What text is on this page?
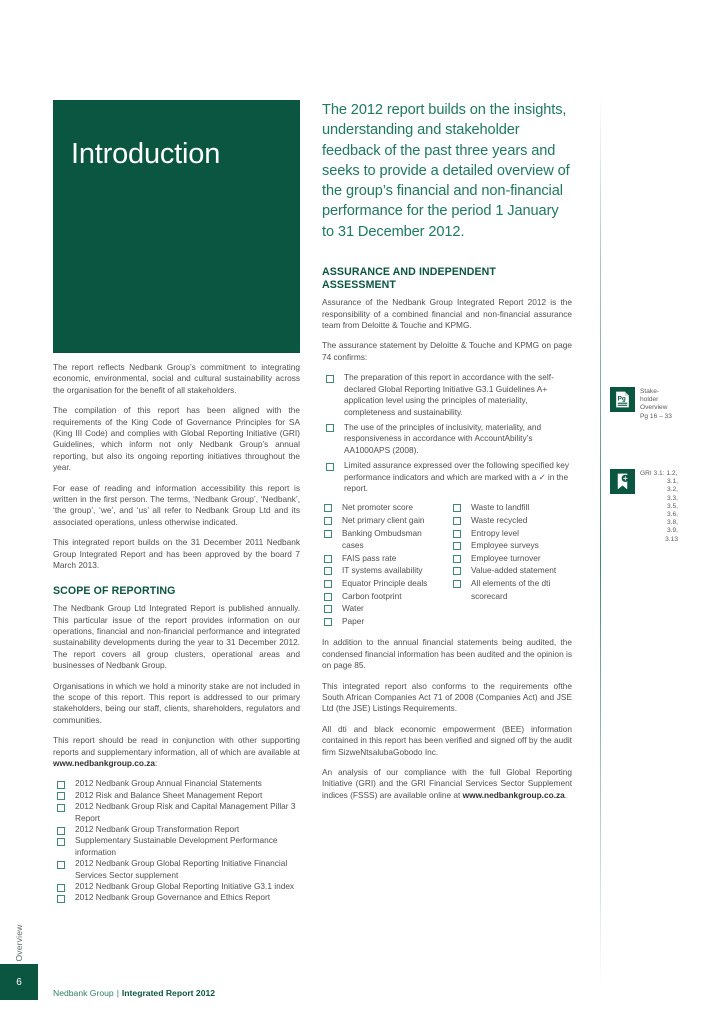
Overview
6
Introduction

The report reflects Nedbank Group’s commitment to integrating economic, environmental, social and cultural sustainability across the organisation for the benefit of all stakeholders.

The compilation of this report has been aligned with the requirements of the King Code of Governance Principles for SA (King III Code) and complies with Global Reporting Initiative (GRI) Guidelines, which inform not only Nedbank Group’s annual reporting, but also its ongoing reporting initiatives throughout the year.

For ease of reading and information accessibility this report is written in the first person. The terms, ‘Nedbank Group’, ‘Nedbank’, ‘the group’, ‘we’, and ‘us’ all refer to Nedbank Group Ltd and its associated operations, unless otherwise indicated.

This integrated report builds on the 31 December 2011 Nedbank Group Integrated Report and has been approved by the board 7 March 2013.

SCOPE OF REPORTING

The Nedbank Group Ltd Integrated Report is published annually. This particular issue of the report provides information on our operations, financial and non-financial performance and integrated sustainability developments during the year to 31 December 2012. The report covers all group clusters, operational areas and businesses of Nedbank Group.

Organisations in which we hold a minority stake are not included in the scope of this report. This report is addressed to our primary stakeholders, being our staff, clients, shareholders, regulators and communities.

This report should be read in conjunction with other supporting reports and supplementary information, all of which are available at www.nedbankgroup.co.za:

2012 Nedbank Group Annual Financial Statements
2012 Risk and Balance Sheet Management Report
2012 Nedbank Group Risk and Capital Management Pillar 3 Report
2012 Nedbank Group Transformation Report
Supplementary Sustainable Development Performance information
2012 Nedbank Group Global Reporting Initiative Financial Services Sector supplement
2012 Nedbank Group Global Reporting Initiative G3.1 index
2012 Nedbank Group Governance and Ethics Report
The 2012 report builds on the insights, understanding and stakeholder feedback of the past three years and seeks to provide a detailed overview of the group’s financial and non-financial performance for the period 1 January to 31 December 2012.
ASSURANCE AND INDEPENDENT ASSESSMENT

Assurance of the Nedbank Group Integrated Report 2012 is the responsibility of a combined financial and non-financial assurance team from Deloitte & Touche and KPMG.

The assurance statement by Deloitte & Touche and KPMG on page 74 confirms:

The preparation of this report in accordance with the self-declared Global Reporting Initiative G3.1 Guidelines A+ application level using the principles of materiality, completeness and sustainability.
The use of the principles of inclusivity, materiality, and responsiveness in accordance with AccountAbility’s AA1000APS (2008).
Limited assurance expressed over the following specified key performance indicators and which are marked with a ✓ in the report.
Net promoter score
Net primary client gain
Banking Ombudsman cases
FAIS pass rate
IT systems availability
Equator Principle deals
Carbon footprint
Water
Paper
Waste to landfill
Waste recycled
Entropy level
Employee surveys
Employee turnover
Value-added statement
All elements of the dti scorecard

In addition to the annual financial statements being audited, the condensed financial information has been audited and the opinion is on page 85.

This integrated report also conforms to the requirements ofthe South African Companies Act 71 of 2008 (Companies Act) and JSE Ltd (the JSE) Listings Requirements.

All dti and black economic empowerment (BEE) information contained in this report has been verified and signed off by the audit firm SizweNtsalubaGobodo Inc.

An analysis of our compliance with the full Global Reporting Initiative (GRI) and the GRI Financial Services Sector Supplement indices (FSSS) are available online at www.nedbankgroup.co.za.

Pg
Stake-
holder
Overview
Pg 16 – 33
GRI 3.1: 1.2,
3.1,
3.2,
3.3,
3.5,
3.6,
3.8,
3.9,
3.13
Nedbank Group | Integrated Report 2012
